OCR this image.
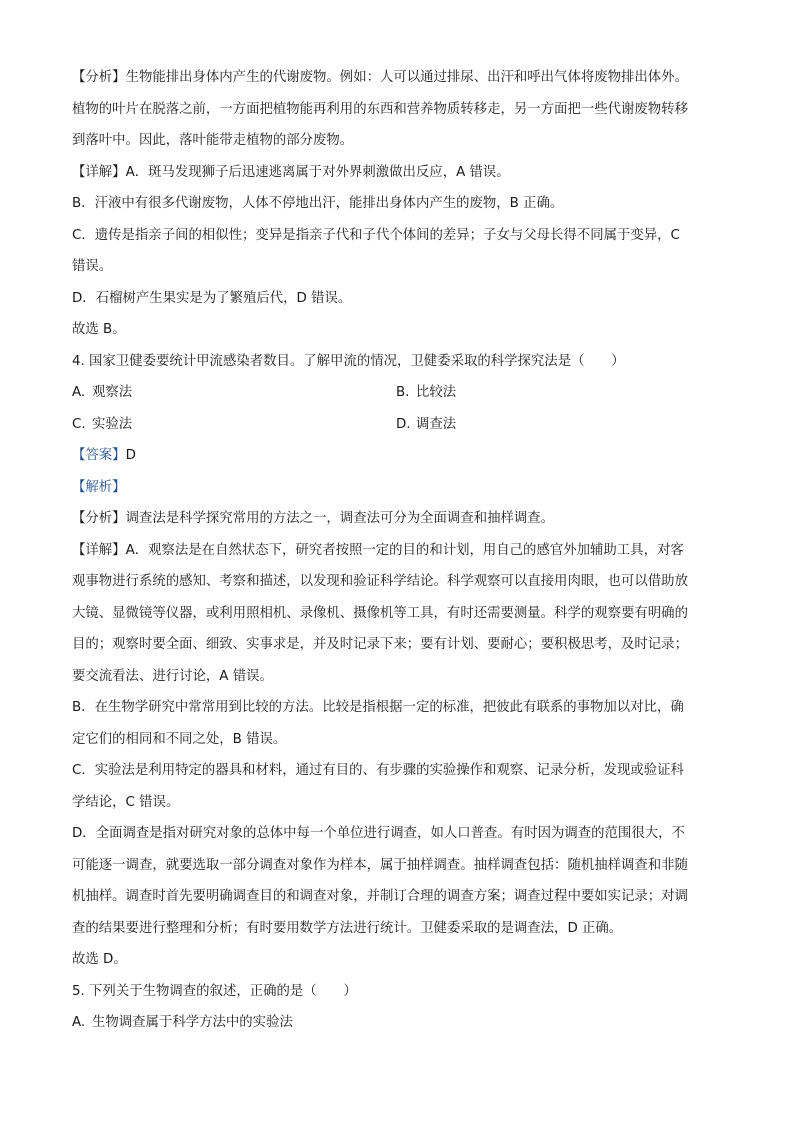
【分析】生物能排出身体内产生的代谢废物。例如：人可以通过排尿、出汗和呼出气体将废物排出体外。
植物的叶片在脱落之前，一方面把植物能再利用的东西和营养物质转移走，另一方面把一些代谢废物转移
到落叶中。因此，落叶能带走植物的部分废物。
【详解】A．斑马发现狮子后迅速逃离属于对外界刺激做出反应，A 错误。
B．汗液中有很多代谢废物，人体不停地出汗，能排出身体内产生的废物，B 正确。
C．遗传是指亲子间的相似性；变异是指亲子代和子代个体间的差异；子女与父母长得不同属于变异，C
错误。
D．石榴树产生果实是为了繁殖后代，D 错误。
故选 B。
4. 国家卫健委要统计甲流感染者数目。了解甲流的情况，卫健委采取的科学探究法是（　　）
A. 观察法	B. 比较法
C. 实验法	D. 调查法
【答案】D
【解析】
【分析】调查法是科学探究常用的方法之一，调查法可分为全面调查和抽样调查。
【详解】A．观察法是在自然状态下，研究者按照一定的目的和计划，用自己的感官外加辅助工具，对客
观事物进行系统的感知、考察和描述，以发现和验证科学结论。科学观察可以直接用肉眼，也可以借助放
大镜、显微镜等仪器，或利用照相机、录像机、摄像机等工具，有时还需要测量。科学的观察要有明确的
目的；观察时要全面、细致、实事求是，并及时记录下来；要有计划、要耐心；要积极思考，及时记录；
要交流看法、进行讨论，A 错误。
B．在生物学研究中常常用到比较的方法。比较是指根据一定的标准，把彼此有联系的事物加以对比，确
定它们的相同和不同之处，B 错误。
C．实验法是利用特定的器具和材料，通过有目的、有步骤的实验操作和观察、记录分析，发现或验证科
学结论，C 错误。
D．全面调查是指对研究对象的总体中每一个单位进行调查，如人口普查。有时因为调查的范围很大，不
可能逐一调查，就要选取一部分调查对象作为样本，属于抽样调查。抽样调查包括：随机抽样调查和非随
机抽样。调查时首先要明确调查目的和调查对象，并制订合理的调查方案；调查过程中要如实记录；对调
查的结果要进行整理和分析；有时要用数学方法进行统计。卫健委采取的是调查法，D 正确。
故选 D。
5. 下列关于生物调查的叙述，正确的是（　　）
A. 生物调查属于科学方法中的实验法
